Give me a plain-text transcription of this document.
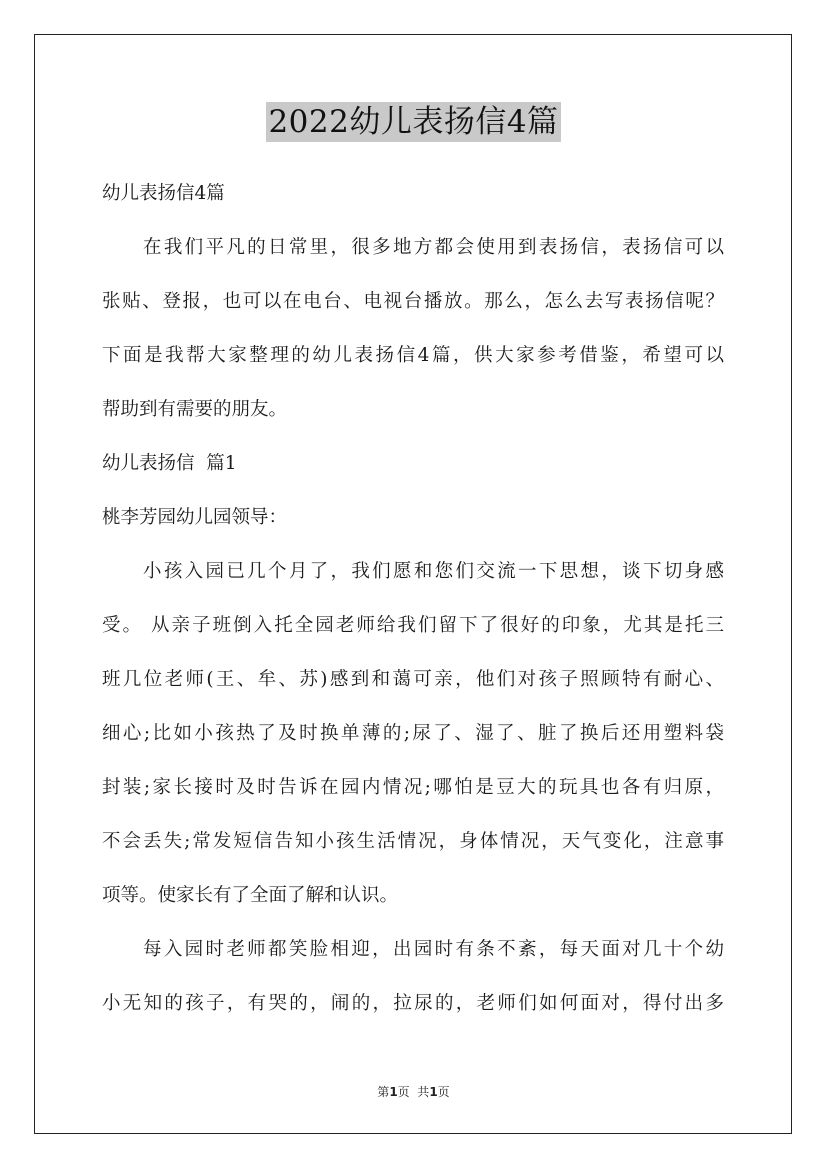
2022幼儿表扬信4篇
幼儿表扬信4篇
在我们平凡的日常里，很多地方都会使用到表扬信，表扬信可以
张贴、登报，也可以在电台、电视台播放。那么，怎么去写表扬信呢？
下面是我帮大家整理的幼儿表扬信4篇，供大家参考借鉴，希望可以
帮助到有需要的朋友。
幼儿表扬信  篇1
桃李芳园幼儿园领导：
小孩入园已几个月了，我们愿和您们交流一下思想，谈下切身感
受。 从亲子班倒入托全园老师给我们留下了很好的印象，尤其是托三
班几位老师(王、牟、苏)感到和蔼可亲，他们对孩子照顾特有耐心、
细心;比如小孩热了及时换单薄的;尿了、湿了、脏了换后还用塑料袋
封装;家长接时及时告诉在园内情况;哪怕是豆大的玩具也各有归原，
不会丢失;常发短信告知小孩生活情况，身体情况，天气变化，注意事
项等。使家长有了全面了解和认识。
每入园时老师都笑脸相迎，出园时有条不紊，每天面对几十个幼
小无知的孩子，有哭的，闹的，拉尿的，老师们如何面对，得付出多
第1页  共1页
